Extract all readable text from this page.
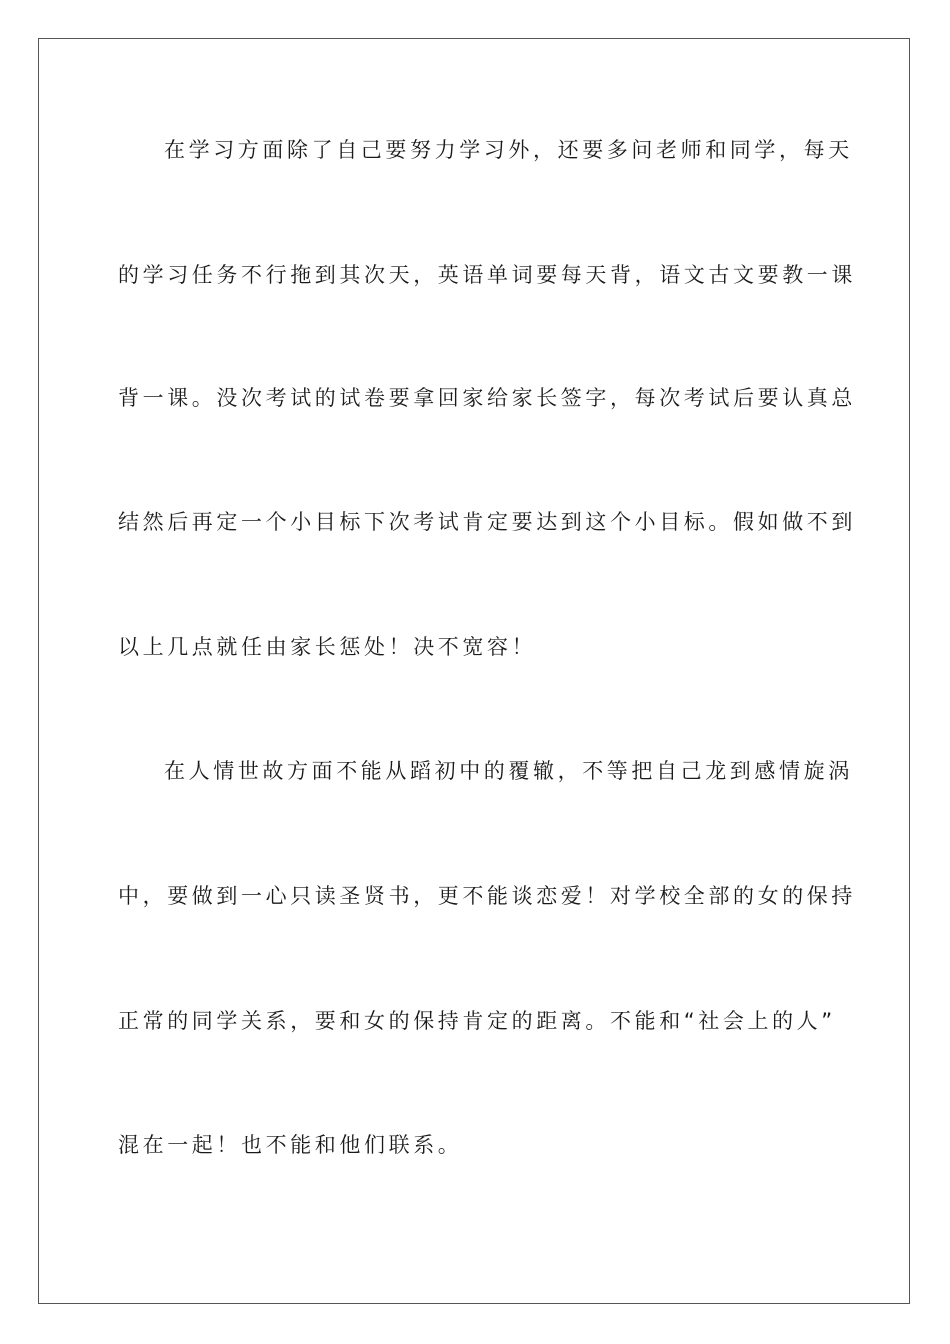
在学习方面除了自己要努力学习外，还要多问老师和同学，每天
的学习任务不行拖到其次天，英语单词要每天背，语文古文要教一课
背一课。没次考试的试卷要拿回家给家长签字，每次考试后要认真总
结然后再定一个小目标下次考试肯定要达到这个小目标。假如做不到
以上几点就任由家长惩处！决不宽容！
在人情世故方面不能从蹈初中的覆辙，不等把自己龙到感情旋涡
中，要做到一心只读圣贤书，更不能谈恋爱！对学校全部的女的保持
正常的同学关系，要和女的保持肯定的距离。不能和“社会上的人”
混在一起！也不能和他们联系。
